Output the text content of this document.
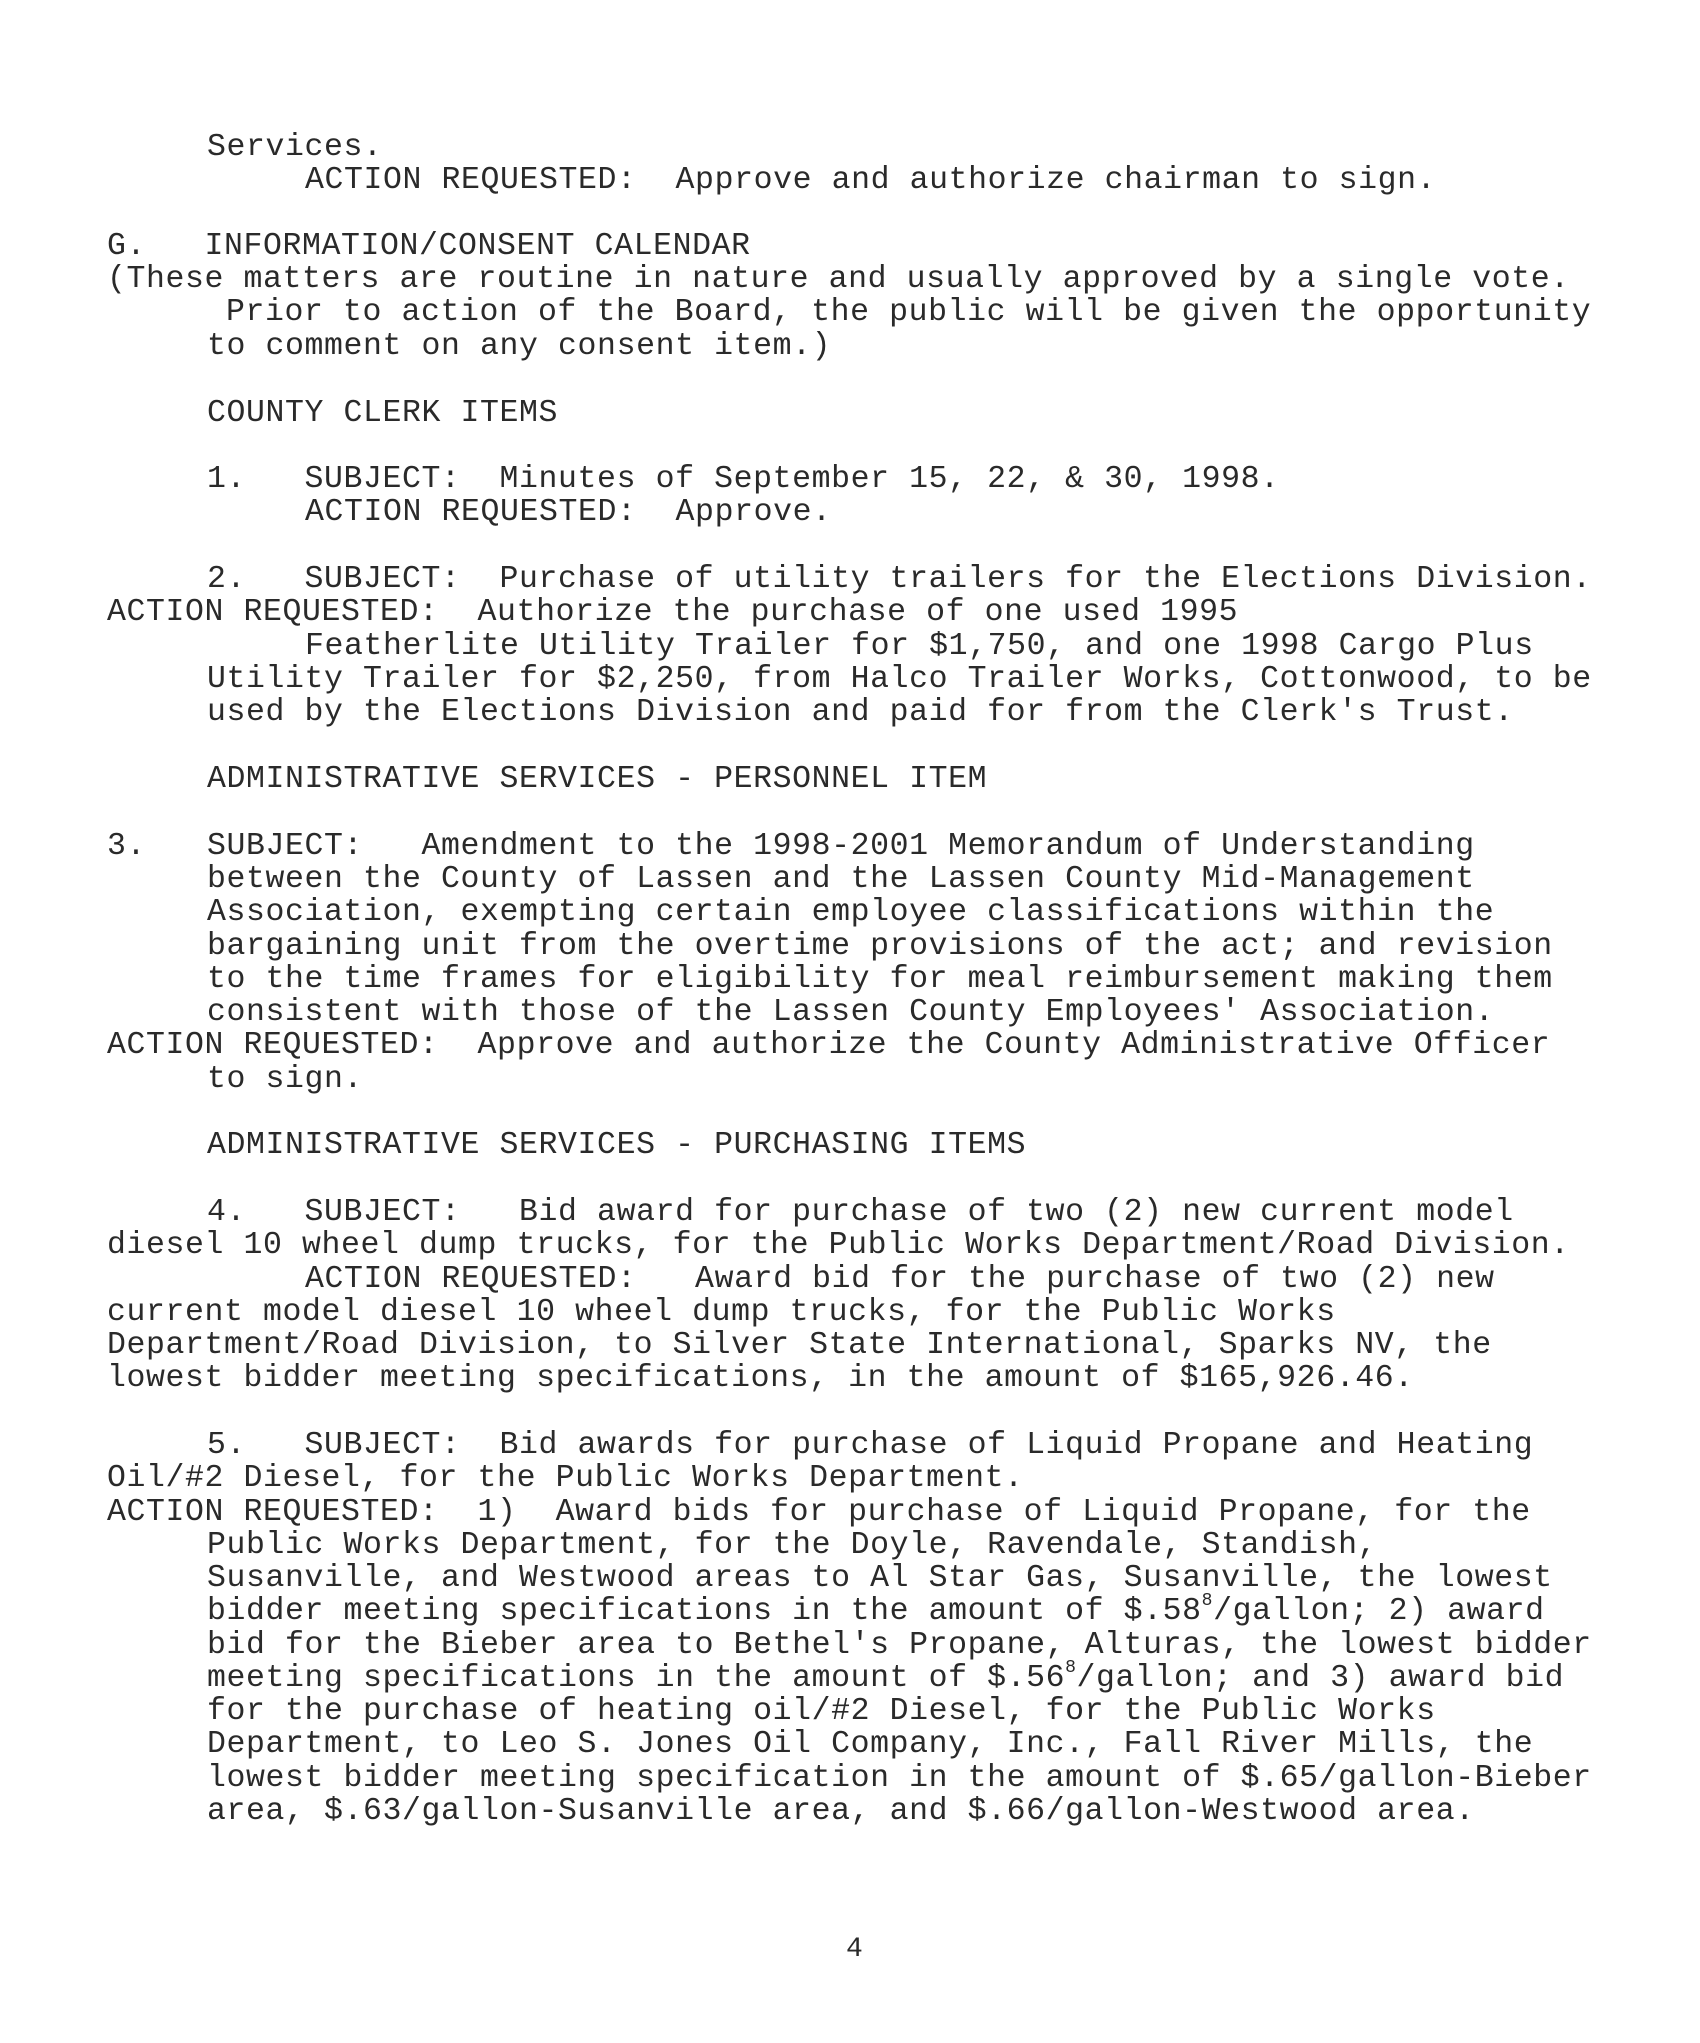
Services.
ACTION REQUESTED:  Approve and authorize chairman to sign.
G.   INFORMATION/CONSENT CALENDAR
(These matters are routine in nature and usually approved by a single vote.
Prior to action of the Board, the public will be given the opportunity
to comment on any consent item.)
COUNTY CLERK ITEMS
1.   SUBJECT:  Minutes of September 15, 22, & 30, 1998.
ACTION REQUESTED:  Approve.
2.   SUBJECT:  Purchase of utility trailers for the Elections Division.
ACTION REQUESTED:  Authorize the purchase of one used 1995
Featherlite Utility Trailer for $1,750, and one 1998 Cargo Plus
Utility Trailer for $2,250, from Halco Trailer Works, Cottonwood, to be
used by the Elections Division and paid for from the Clerk's Trust.
ADMINISTRATIVE SERVICES - PERSONNEL ITEM
3. SUBJECT:   Amendment to the 1998-2001 Memorandum of Understanding
between the County of Lassen and the Lassen County Mid-Management
Association, exempting certain employee classifications within the
bargaining unit from the overtime provisions of the act; and revision
to the time frames for eligibility for meal reimbursement making them
consistent with those of the Lassen County Employees' Association.
ACTION REQUESTED:  Approve and authorize the County Administrative Officer
to sign.
ADMINISTRATIVE SERVICES - PURCHASING ITEMS
4.   SUBJECT:   Bid award for purchase of two (2) new current model
diesel 10 wheel dump trucks, for the Public Works Department/Road Division.
ACTION REQUESTED:   Award bid for the purchase of two (2) new
current model diesel 10 wheel dump trucks, for the Public Works
Department/Road Division, to Silver State International, Sparks NV, the
lowest bidder meeting specifications, in the amount of $165,926.46.
5.   SUBJECT:  Bid awards for purchase of Liquid Propane and Heating
Oil/#2 Diesel, for the Public Works Department.
ACTION REQUESTED:  1)  Award bids for purchase of Liquid Propane, for the
Public Works Department, for the Doyle, Ravendale, Standish,
Susanville, and Westwood areas to Al Star Gas, Susanville, the lowest
bidder meeting specifications in the amount of $\$.58^8$/gallon; 2) award
bid for the Bieber area to Bethel's Propane, Alturas, the lowest bidder
meeting specifications in the amount of $\$.56^8$/gallon; and 3) award bid
for the purchase of heating oil/#2 Diesel, for the Public Works
Department, to Leo S. Jones Oil Company, Inc., Fall River Mills, the
lowest bidder meeting specification in the amount of $.65/gallon-Bieber
area, $.63/gallon-Susanville area, and $.66/gallon-Westwood area.
4
